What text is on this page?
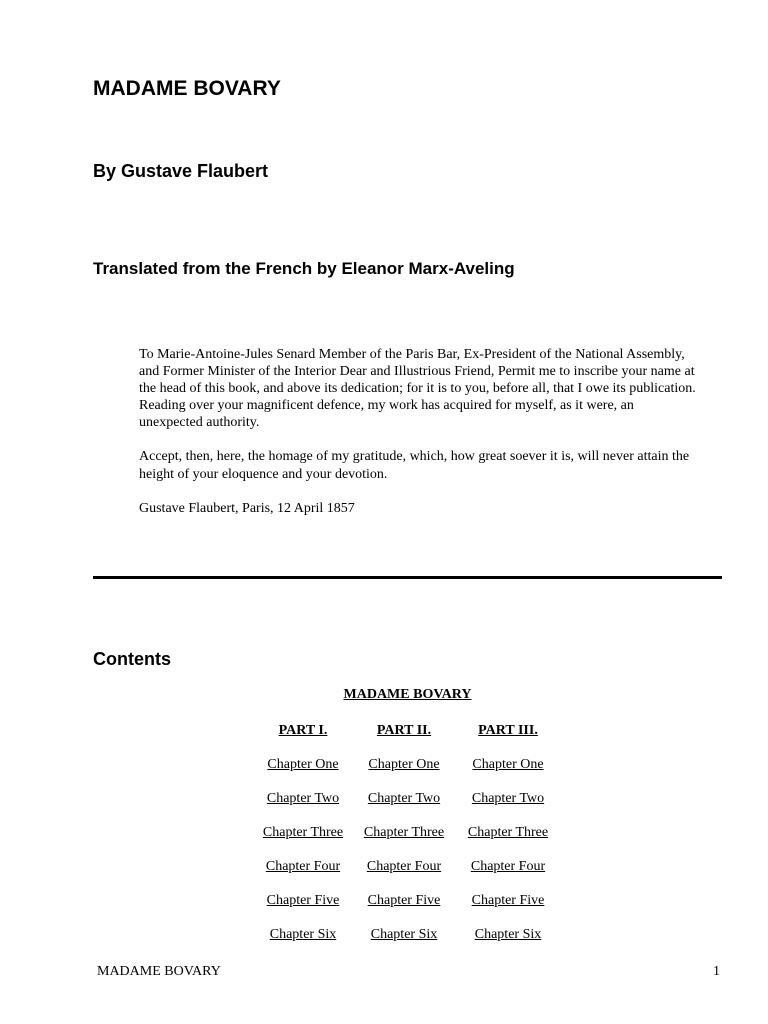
MADAME BOVARY
By Gustave Flaubert
Translated from the French by Eleanor Marx-Aveling

To Marie-Antoine-Jules Senard Member of the Paris Bar, Ex-President of the National Assembly, and Former Minister of the Interior Dear and Illustrious Friend, Permit me to inscribe your name at the head of this book, and above its dedication; for it is to you, before all, that I owe its publication. Reading over your magnificent defence, my work has acquired for myself, as it were, an unexpected authority.

Accept, then, here, the homage of my gratitude, which, how great soever it is, will never attain the height of your eloquence and your devotion.

Gustave Flaubert, Paris, 12 April 1857

Contents
MADAME BOVARY
PART I.	PART II.	PART III.
Chapter One	Chapter One	Chapter One
Chapter Two	Chapter Two	Chapter Two
Chapter Three	Chapter Three	Chapter Three
Chapter Four	Chapter Four	Chapter Four
Chapter Five	Chapter Five	Chapter Five
Chapter Six	Chapter Six	Chapter Six
MADAME BOVARY	1
